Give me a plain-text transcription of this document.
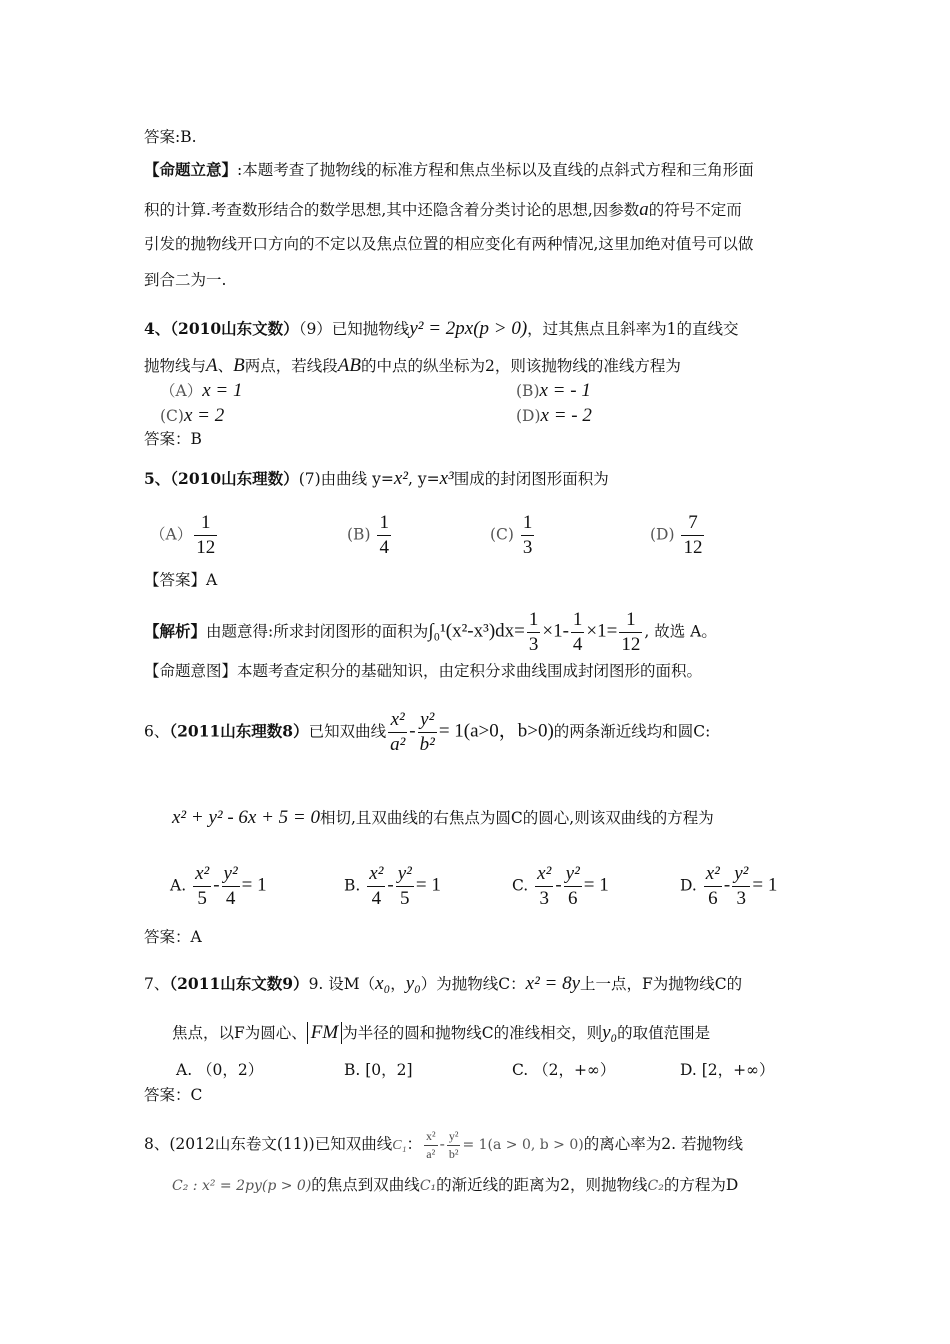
答案:B.
【命题立意】:本题考查了抛物线的标准方程和焦点坐标以及直线的点斜式方程和三角形面
积的计算.考查数形结合的数学思想,其中还隐含着分类讨论的思想,因参数a的符号不定而
引发的抛物线开口方向的不定以及焦点位置的相应变化有两种情况,这里加绝对值号可以做
到合二为一.
4、（2010山东文数）（9）已知抛物线y² = 2px(p > 0)，过其焦点且斜率为1的直线交
抛物线与A、B两点，若线段AB的中点的纵坐标为2，则该抛物线的准线方程为
（A）x = 1	(B)x = - 1
(C)x = 2	(D)x = - 2
答案：B
5、（2010山东理数）(7)由曲线 y=x², y=x³围成的封闭图形面积为
$(A) \frac{1}{12}$	$(B) \frac{1}{4}$	$(C) \frac{1}{3}$	$(D) \frac{7}{12}$
【答案】A
【解析】由题意得:所求封闭图形的面积为$\int_0^1(x^2-x^3)dx= \frac{1}{3} \times 1- \frac{1}{4} \times 1= \frac{1}{12}$ , 故选 A。
【命题意图】本题考查定积分的基础知识，由定积分求曲线围成封闭图形的面积。
6、（2011山东理数8）已知双曲线 $\frac{\text{x²}}{\text{a²}} - \frac{\text{y²}}{\text{b²}} = 1(a>0$，b>0)的两条渐近线均和圆C:
x² + y² - 6x + 5 = 0相切,且双曲线的右焦点为圆C的圆心,则该双曲线的方程为
A. $\frac{\text{x²}}{5} - \frac{\text{y²}}{4} = 1$	B. $\frac{\text{x²}}{4} - \frac{\text{y²}}{5} = 1$	C. $\frac{\text{x²}}{3} - \frac{\text{y²}}{6} = 1$	D. $\frac{\text{x²}}{6} - \frac{\text{y²}}{3} = 1$
答案：A
7、（2011山东文数9）9. 设M（x₀，y₀）为抛物线C：x² = 8y上一点，F为抛物线C的
焦点，以F为圆心、 FM 为半径的圆和抛物线C的准线相交，则y₀的取值范围是
A. （0，2）	B. [0，2]	C. （2，+∞）	D. [2，+∞）
答案：C
8、(2012山东卷文(11))已知双曲线C₁： $\frac{\text{x²}}{\text{a²}} - \frac{\text{y²}}{\text{b²}} = 1(a > 0$, b > 0)的离心率为2. 若抛物线
C₂ : x² = 2py(p > 0)的焦点到双曲线C₁的渐近线的距离为2，则抛物线C₂的方程为D
